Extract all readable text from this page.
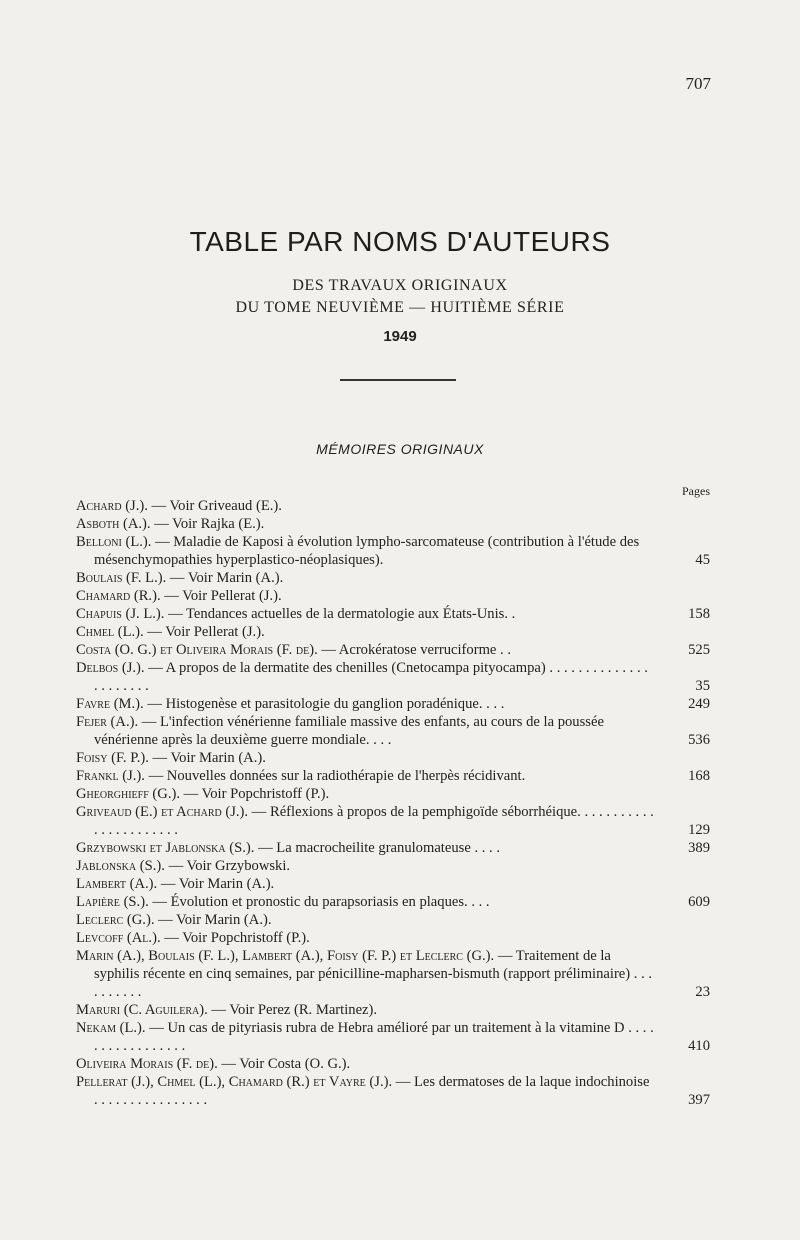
707
TABLE PAR NOMS D'AUTEURS
DES TRAVAUX ORIGINAUX
DU TOME NEUVIÈME — HUITIÈME SÉRIE
1949
MÉMOIRES ORIGINAUX
Pages
Achard (J.). — Voir Griveaud (E.).
Asboth (A.). — Voir Rajka (E.).
Belloni (L.). — Maladie de Kaposi à évolution lympho-sarcomateuse (contribution à l'étude des mésenchymopathies hyperplastico-néoplasiques).	45
Boulais (F. L.). — Voir Marin (A.).
Chamard (R.). — Voir Pellerat (J.).
Chapuis (J. L.). — Tendances actuelles de la dermatologie aux États-Unis. .	158
Chmel (L.). — Voir Pellerat (J.).
Costa (O. G.) et Oliveira Morais (F. de). — Acrokératose verruciforme . .	525
Delbos (J.). — A propos de la dermatite des chenilles (Cnetocampa pityocampa) . . . . . . . . . . . . . . . . . . . . . .	35
Favre (M.). — Histogenèse et parasitologie du ganglion poradénique. . . .	249
Fejer (A.). — L'infection vénérienne familiale massive des enfants, au cours de la poussée vénérienne après la deuxième guerre mondiale. . . .	536
Foisy (F. P.). — Voir Marin (A.).
Frankl (J.). — Nouvelles données sur la radiothérapie de l'herpès récidivant.	168
Gheorghieff (G.). — Voir Popchristoff (P.).
Griveaud (E.) et Achard (J.). — Réflexions à propos de la pemphigoïde séborrhéique. . . . . . . . . . . . . . . . . . . . . . .	129
Grzybowski et Jablonska (S.). — La macrocheilite granulomateuse . . . .	389
Jablonska (S.). — Voir Grzybowski.
Lambert (A.). — Voir Marin (A.).
Lapière (S.). — Évolution et pronostic du parapsoriasis en plaques. . . .	609
Leclerc (G.). — Voir Marin (A.).
Levcoff (Al.). — Voir Popchristoff (P.).
Marin (A.), Boulais (F. L.), Lambert (A.), Foisy (F. P.) et Leclerc (G.). — Traitement de la syphilis récente en cinq semaines, par pénicilline-mapharsen-bismuth (rapport préliminaire) . . . . . . . . . .	23
Maruri (C. Aguilera). — Voir Perez (R. Martinez).
Nekam (L.). — Un cas de pityriasis rubra de Hebra amélioré par un traitement à la vitamine D . . . . . . . . . . . . . . . . .	410
Oliveira Morais (F. de). — Voir Costa (O. G.).
Pellerat (J.), Chmel (L.), Chamard (R.) et Vayre (J.). — Les dermatoses de la laque indochinoise . . . . . . . . . . . . . . . .	397
